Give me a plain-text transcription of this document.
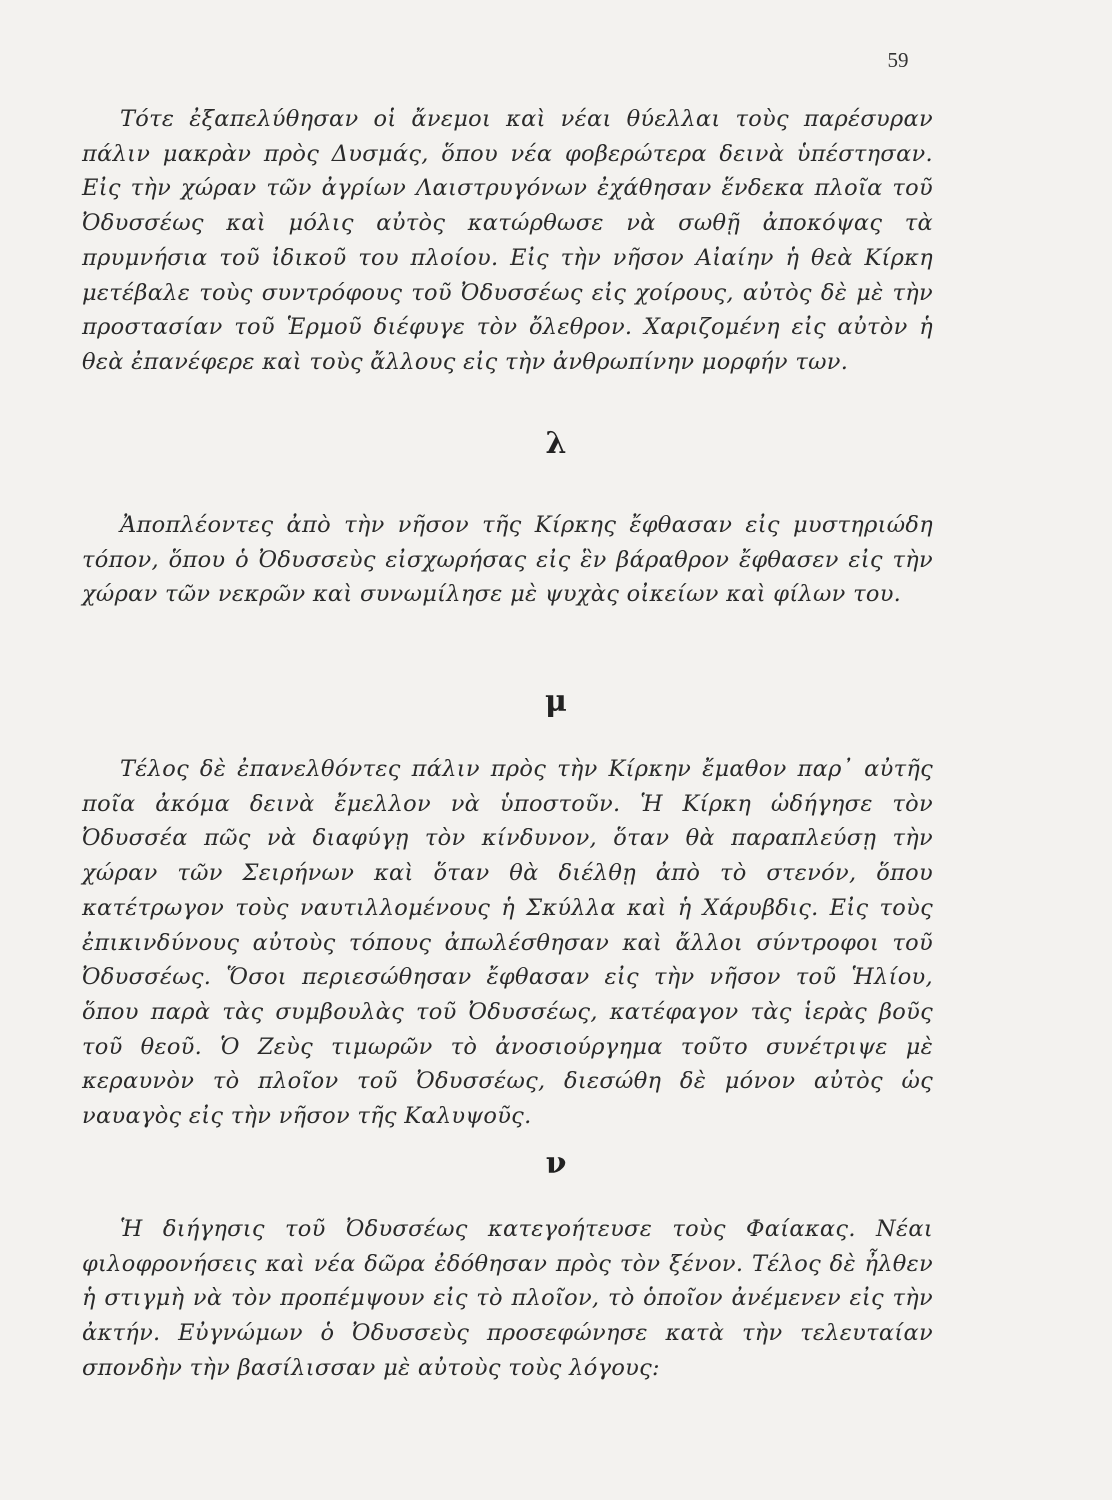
59

Τότε ἐξαπελύθησαν οἱ ἄνεμοι καὶ νέαι θύελλαι τοὺς παρέσυραν πάλιν μακρὰν πρὸς Δυσμάς, ὅπου νέα φοβερώτερα δεινὰ ὑπέστησαν. Εἰς τὴν χώραν τῶν ἀγρίων Λαιστρυγόνων ἐχάθησαν ἕνδεκα πλοῖα τοῦ Ὀδυσσέως καὶ μόλις αὐτὸς κατώρθωσε νὰ σωθῇ ἀποκόψας τὰ πρυμνήσια τοῦ ἰδικοῦ του πλοίου. Εἰς τὴν νῆσον Αἰαίην ἡ θεὰ Κίρκη μετέβαλε τοὺς συντρόφους τοῦ Ὀδυσσέως εἰς χοίρους, αὐτὸς δὲ μὲ τὴν προστασίαν τοῦ Ἑρμοῦ διέφυγε τὸν ὄλεθρον. Χαριζομένη εἰς αὐτὸν ἡ θεὰ ἐπανέφερε καὶ τοὺς ἄλλους εἰς τὴν ἀνθρωπίνην μορφήν των.

λ

Ἀποπλέοντες ἀπὸ τὴν νῆσον τῆς Κίρκης ἔφθασαν εἰς μυστηριώδη τόπον, ὅπου ὁ Ὀδυσσεὺς εἰσχωρήσας εἰς ἓν βάραθρον ἔφθασεν εἰς τὴν χώραν τῶν νεκρῶν καὶ συνωμίλησε μὲ ψυχὰς οἰκείων καὶ φίλων του.

μ

Τέλος δὲ ἐπανελθόντες πάλιν πρὸς τὴν Κίρκην ἔμαθον παρ᾽ αὐτῆς ποῖα ἀκόμα δεινὰ ἔμελλον νὰ ὑποστοῦν. Ἡ Κίρκη ὡδήγησε τὸν Ὀδυσσέα πῶς νὰ διαφύγῃ τὸν κίνδυνον, ὅταν θὰ παραπλεύσῃ τὴν χώραν τῶν Σειρήνων καὶ ὅταν θὰ διέλθῃ ἀπὸ τὸ στενόν, ὅπου κατέτρωγον τοὺς ναυτιλλομένους ἡ Σκύλλα καὶ ἡ Χάρυβδις. Εἰς τοὺς ἐπικινδύνους αὐτοὺς τόπους ἀπωλέσθησαν καὶ ἄλλοι σύντροφοι τοῦ Ὀδυσσέως. Ὅσοι περιεσώθησαν ἔφθασαν εἰς τὴν νῆσον τοῦ Ἡλίου, ὅπου παρὰ τὰς συμβουλὰς τοῦ Ὀδυσσέως, κατέφαγον τὰς ἱερὰς βοῦς τοῦ θεοῦ. Ὁ Ζεὺς τιμωρῶν τὸ ἀνοσιούργημα τοῦτο συνέτριψε μὲ κεραυνὸν τὸ πλοῖον τοῦ Ὀδυσσέως, διεσώθη δὲ μόνον αὐτὸς ὡς ναυαγὸς εἰς τὴν νῆσον τῆς Καλυψοῦς.

ν

Ἡ διήγησις τοῦ Ὀδυσσέως κατεγοήτευσε τοὺς Φαίακας. Νέαι φιλοφρονήσεις καὶ νέα δῶρα ἐδόθησαν πρὸς τὸν ξένον. Τέλος δὲ ἦλθεν ἡ στιγμὴ νὰ τὸν προπέμψουν εἰς τὸ πλοῖον, τὸ ὁποῖον ἀνέμενεν εἰς τὴν ἀκτήν. Εὐγνώμων ὁ Ὀδυσσεὺς προσεφώνησε κατὰ τὴν τελευταίαν σπονδὴν τὴν βασίλισσαν μὲ αὐτοὺς τοὺς λόγους:
